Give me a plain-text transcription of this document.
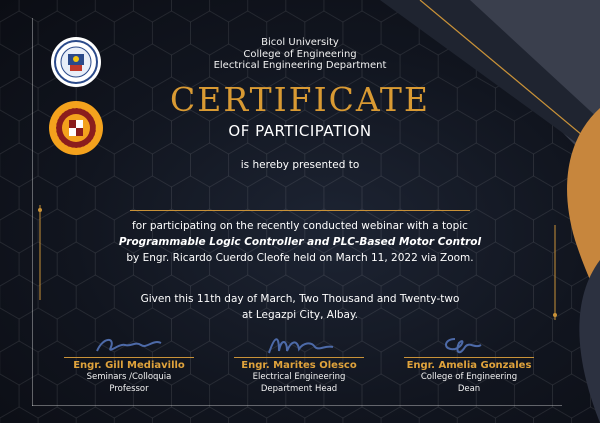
Bicol University
College of Engineering
Electrical Engineering Department
CERTIFICATE
OF PARTICIPATION
is hereby presented to
for participating on the recently conducted webinar with a topic
Programmable Logic Controller and PLC-Based Motor Control
by Engr. Ricardo Cuerdo Cleofe held on March 11, 2022 via Zoom.
Given this 11th day of March, Two Thousand and Twenty-two
at Legazpi City, Albay.
Engr. Gill Mediavillo
Seminars /Colloquia
Professor
Engr. Marites Olesco
Electrical Engineering
Department Head
Engr. Amelia Gonzales
College of Engineering
Dean
